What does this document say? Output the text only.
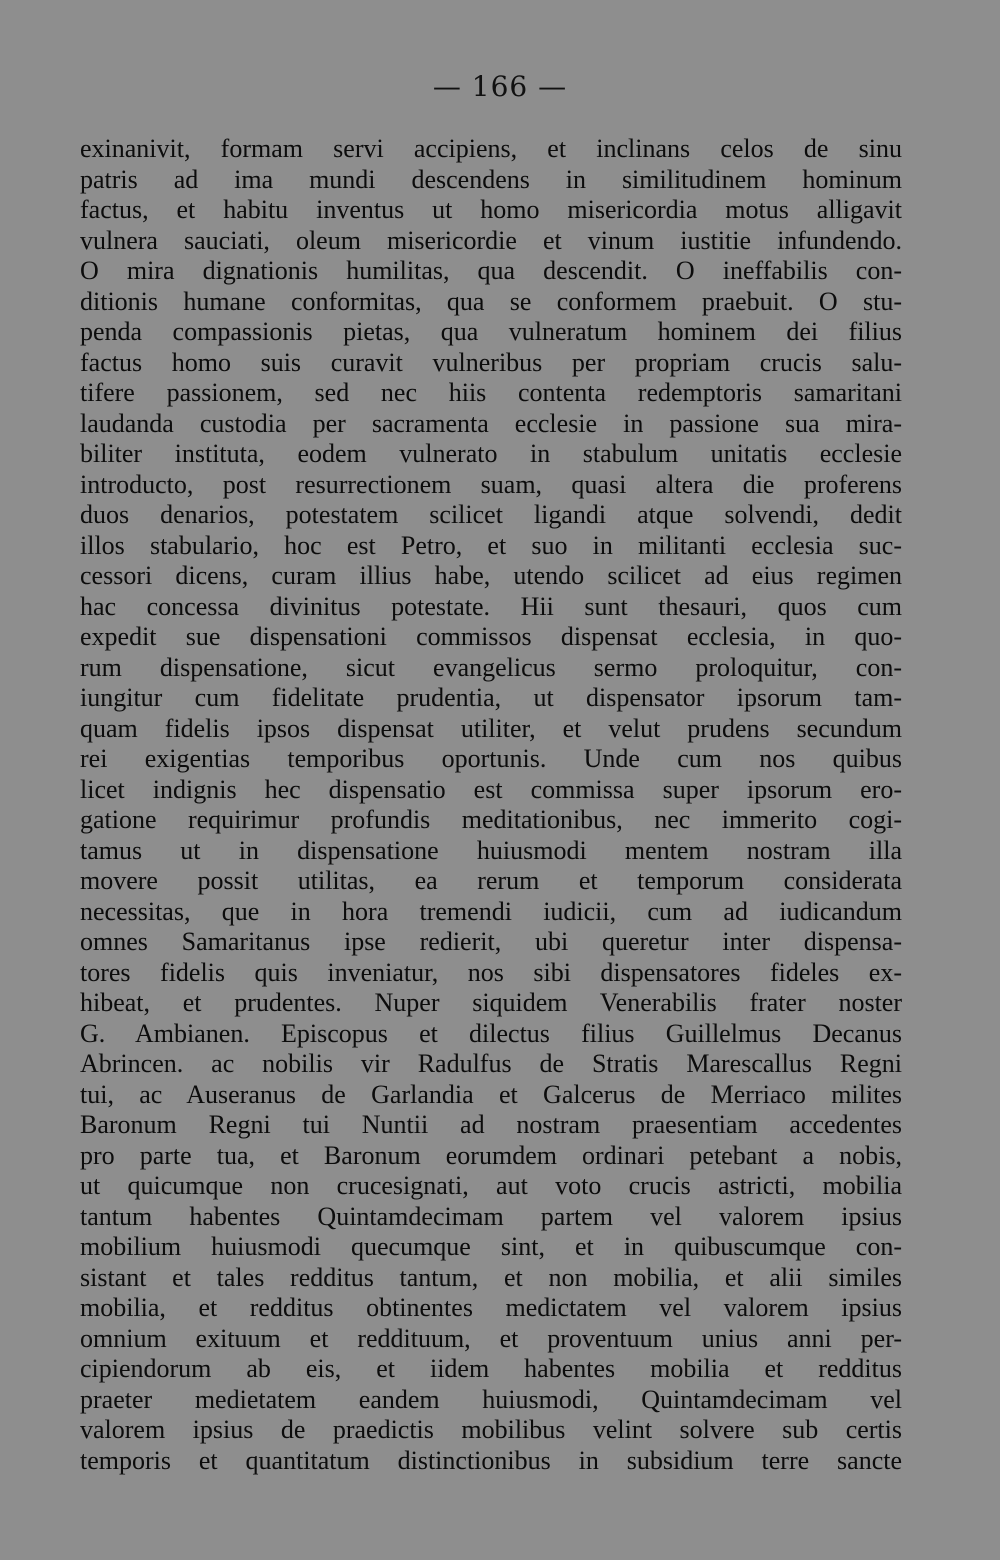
— 166 —
exinanivit, formam servi accipiens, et inclinans celos de sinu
patris ad ima mundi descendens in similitudinem hominum
factus, et habitu inventus ut homo misericordia motus alligavit
vulnera sauciati, oleum misericordie et vinum iustitie infundendo.
O mira dignationis humilitas, qua descendit. O ineffabilis con-
ditionis humane conformitas, qua se conformem praebuit. O stu-
penda compassionis pietas, qua vulneratum hominem dei filius
factus homo suis curavit vulneribus per propriam crucis salu-
tifere passionem, sed nec hiis contenta redemptoris samaritani
laudanda custodia per sacramenta ecclesie in passione sua mira-
biliter instituta, eodem vulnerato in stabulum unitatis ecclesie
introducto, post resurrectionem suam, quasi altera die proferens
duos denarios, potestatem scilicet ligandi atque solvendi, dedit
illos stabulario, hoc est Petro, et suo in militanti ecclesia suc-
cessori dicens, curam illius habe, utendo scilicet ad eius regimen
hac concessa divinitus potestate. Hii sunt thesauri, quos cum
expedit sue dispensationi commissos dispensat ecclesia, in quo-
rum dispensatione, sicut evangelicus sermo proloquitur, con-
iungitur cum fidelitate prudentia, ut dispensator ipsorum tam-
quam fidelis ipsos dispensat utiliter, et velut prudens secundum
rei exigentias temporibus oportunis. Unde cum nos quibus
licet indignis hec dispensatio est commissa super ipsorum ero-
gatione requirimur profundis meditationibus, nec immerito cogi-
tamus ut in dispensatione huiusmodi mentem nostram illa
movere possit utilitas, ea rerum et temporum considerata
necessitas, que in hora tremendi iudicii, cum ad iudicandum
omnes Samaritanus ipse redierit, ubi queretur inter dispensa-
tores fidelis quis inveniatur, nos sibi dispensatores fideles ex-
hibeat, et prudentes. Nuper siquidem Venerabilis frater noster
G. Ambianen. Episcopus et dilectus filius Guillelmus Decanus
Abrincen. ac nobilis vir Radulfus de Stratis Marescallus Regni
tui, ac Auseranus de Garlandia et Galcerus de Merriaco milites
Baronum Regni tui Nuntii ad nostram praesentiam accedentes
pro parte tua, et Baronum eorumdem ordinari petebant a nobis,
ut quicumque non crucesignati, aut voto crucis astricti, mobilia
tantum habentes Quintamdecimam partem vel valorem ipsius
mobilium huiusmodi quecumque sint, et in quibuscumque con-
sistant et tales redditus tantum, et non mobilia, et alii similes
mobilia, et redditus obtinentes medictatem vel valorem ipsius
omnium exituum et reddituum, et proventuum unius anni per-
cipiendorum ab eis, et iidem habentes mobilia et redditus
praeter medietatem eandem huiusmodi, Quintamdecimam vel
valorem ipsius de praedictis mobilibus velint solvere sub certis
temporis et quantitatum distinctionibus in subsidium terre sancte
